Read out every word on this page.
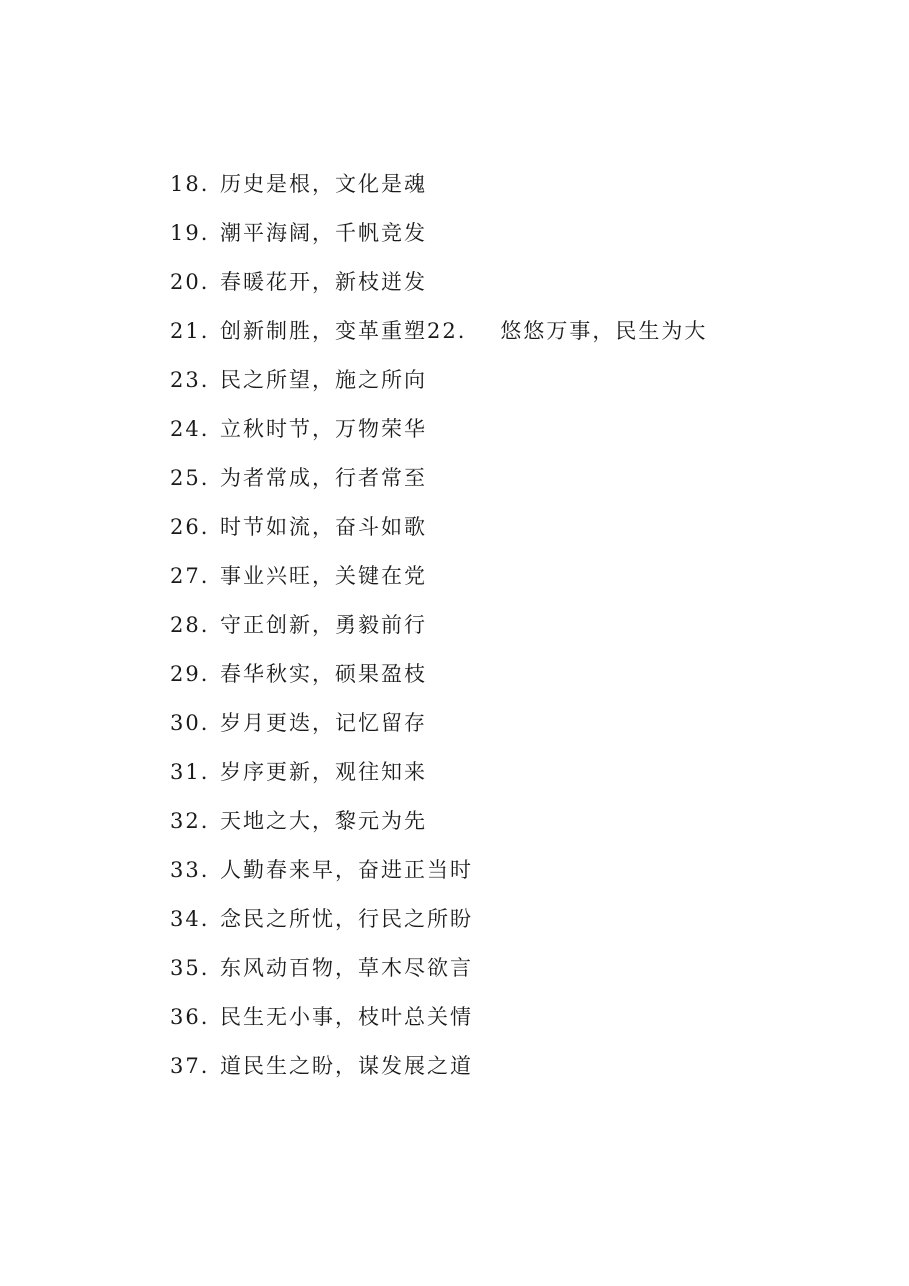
18. 历史是根，文化是魂
19. 潮平海阔，千帆竞发
20. 春暖花开，新枝迸发
21. 创新制胜，变革重塑22. 悠悠万事，民生为大
23. 民之所望，施之所向
24. 立秋时节，万物荣华
25. 为者常成，行者常至
26. 时节如流，奋斗如歌
27. 事业兴旺，关键在党
28. 守正创新，勇毅前行
29. 春华秋实，硕果盈枝
30. 岁月更迭，记忆留存
31. 岁序更新，观往知来
32. 天地之大，黎元为先
33. 人勤春来早，奋进正当时
34. 念民之所忧，行民之所盼
35. 东风动百物，草木尽欲言
36. 民生无小事，枝叶总关情
37. 道民生之盼，谋发展之道
